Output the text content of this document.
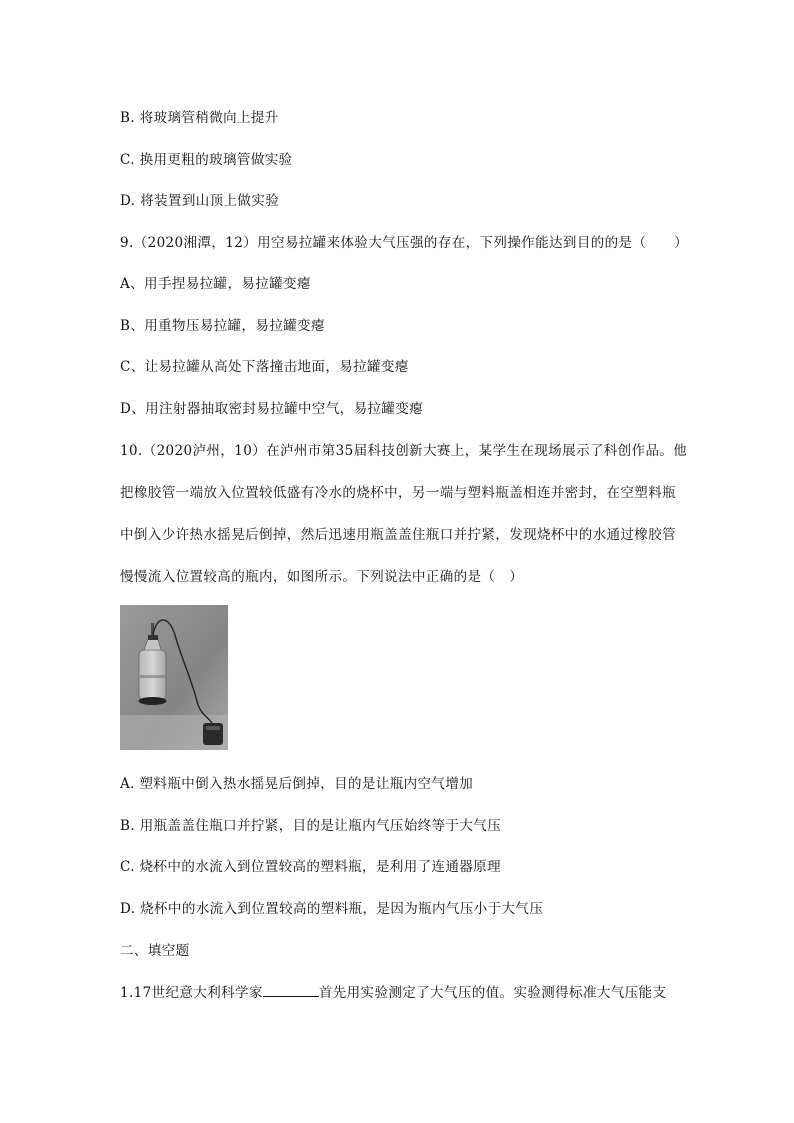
B. 将玻璃管稍微向上提升
C. 换用更粗的玻璃管做实验
D. 将装置到山顶上做实验
9.（2020湘潭，12）用空易拉罐来体验大气压强的存在，下列操作能达到目的的是（　　）
A、用手捏易拉罐，易拉罐变瘪
B、用重物压易拉罐，易拉罐变瘪
C、让易拉罐从高处下落撞击地面，易拉罐变瘪
D、用注射器抽取密封易拉罐中空气，易拉罐变瘪
10.（2020泸州，10）在泸州市第35届科技创新大赛上，某学生在现场展示了科创作品。他
把橡胶管一端放入位置较低盛有冷水的烧杯中，另一端与塑料瓶盖相连并密封，在空塑料瓶
中倒入少许热水摇晃后倒掉，然后迅速用瓶盖盖住瓶口并拧紧，发现烧杯中的水通过橡胶管
慢慢流入位置较高的瓶内，如图所示。下列说法中正确的是（　）
A. 塑料瓶中倒入热水摇晃后倒掉，目的是让瓶内空气增加
B. 用瓶盖盖住瓶口并拧紧，目的是让瓶内气压始终等于大气压
C. 烧杯中的水流入到位置较高的塑料瓶，是利用了连通器原理
D. 烧杯中的水流入到位置较高的塑料瓶，是因为瓶内气压小于大气压
二、填空题
1.17世纪意大利科学家	首先用实验测定了大气压的值。实验测得标准大气压能支
